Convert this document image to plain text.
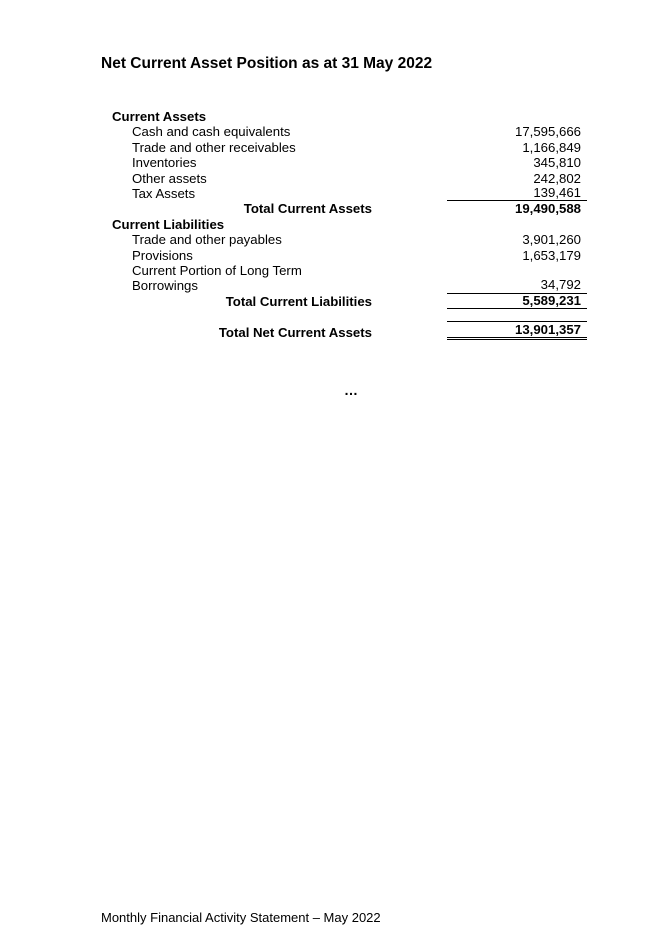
Net Current Asset Position as at 31 May 2022
Current Assets
Cash and cash equivalents	17,595,666
Trade and other receivables	1,166,849
Inventories	345,810
Other assets	242,802
Tax Assets	139,461
Total Current Assets	19,490,588
Current Liabilities
Trade and other payables	3,901,260
Provisions	1,653,179
Current Portion of Long Term
Borrowings	34,792
Total Current Liabilities	5,589,231
Total Net Current Assets	13,901,357
…
Monthly Financial Activity Statement – May 2022
